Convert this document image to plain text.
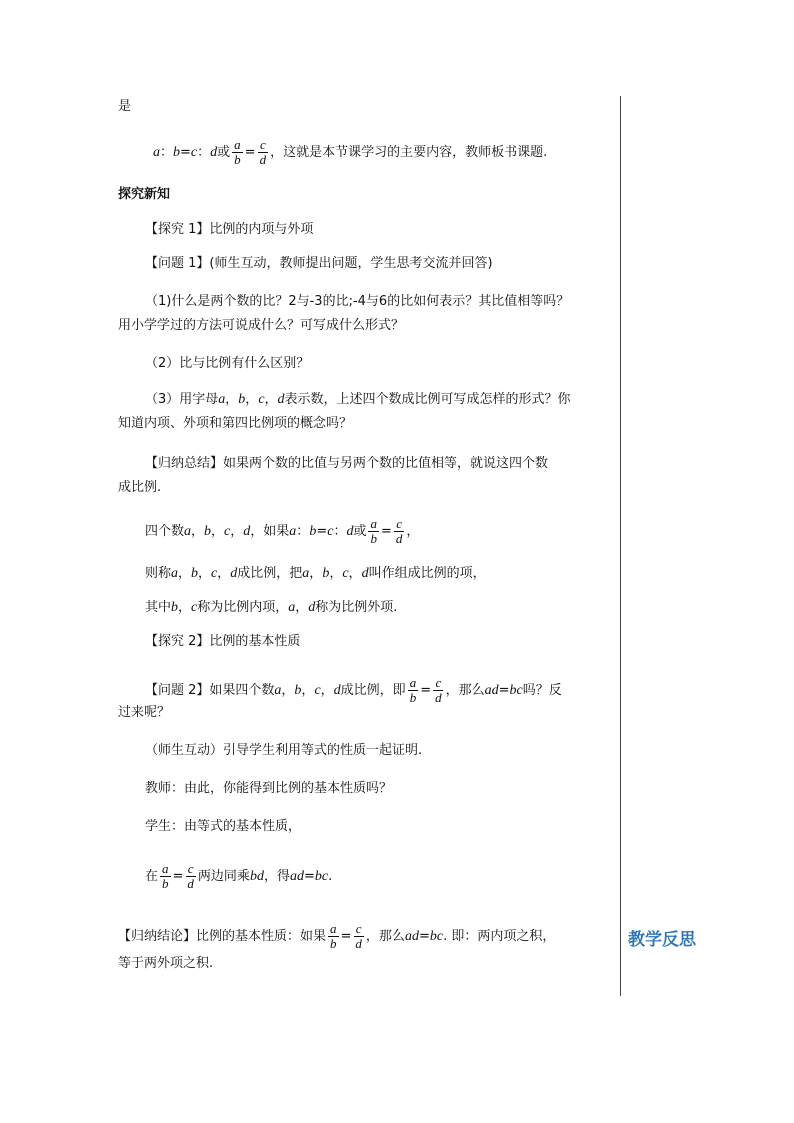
是
a：b=c：d或 $\frac{a}{b} = \frac{c}{d}$ ，这就是本节课学习的主要内容，教师板书课题.
探究新知
【探究 1】比例的内项与外项
【问题 1】(师生互动，教师提出问题，学生思考交流并回答)
（1)什么是两个数的比？2与-3的比;-4与6的比如何表示？其比值相等吗？
用小学学过的方法可说成什么？可写成什么形式？
（2）比与比例有什么区别？
（3）用字母a，b，c，d表示数，上述四个数成比例可写成怎样的形式？你
知道内项、外项和第四比例项的概念吗？
【归纳总结】如果两个数的比值与另两个数的比值相等，就说这四个数
成比例.
四个数a，b，c，d，如果a：b=c：d或 $\frac{a}{b} = \frac{c}{d}$ ，
则称a，b，c，d成比例，把a，b，c，d叫作组成比例的项，
其中b，c称为比例内项，a，d称为比例外项.
【探究 2】比例的基本性质
【问题 2】如果四个数a，b，c，d成比例，即 $\frac{a}{b} = \frac{c}{d}$ ，那么ad=bc吗？反
过来呢？
（师生互动）引导学生利用等式的性质一起证明.
教师：由此，你能得到比例的基本性质吗？
学生：由等式的基本性质，
在 $\frac{a}{b} = \frac{c}{d}$ 两边同乘bd，得ad=bc.
【归纳结论】比例的基本性质：如果 $\frac{a}{b} = \frac{c}{d}$ ，那么ad=bc. 即：两内项之积，
等于两外项之积.
教学反思
